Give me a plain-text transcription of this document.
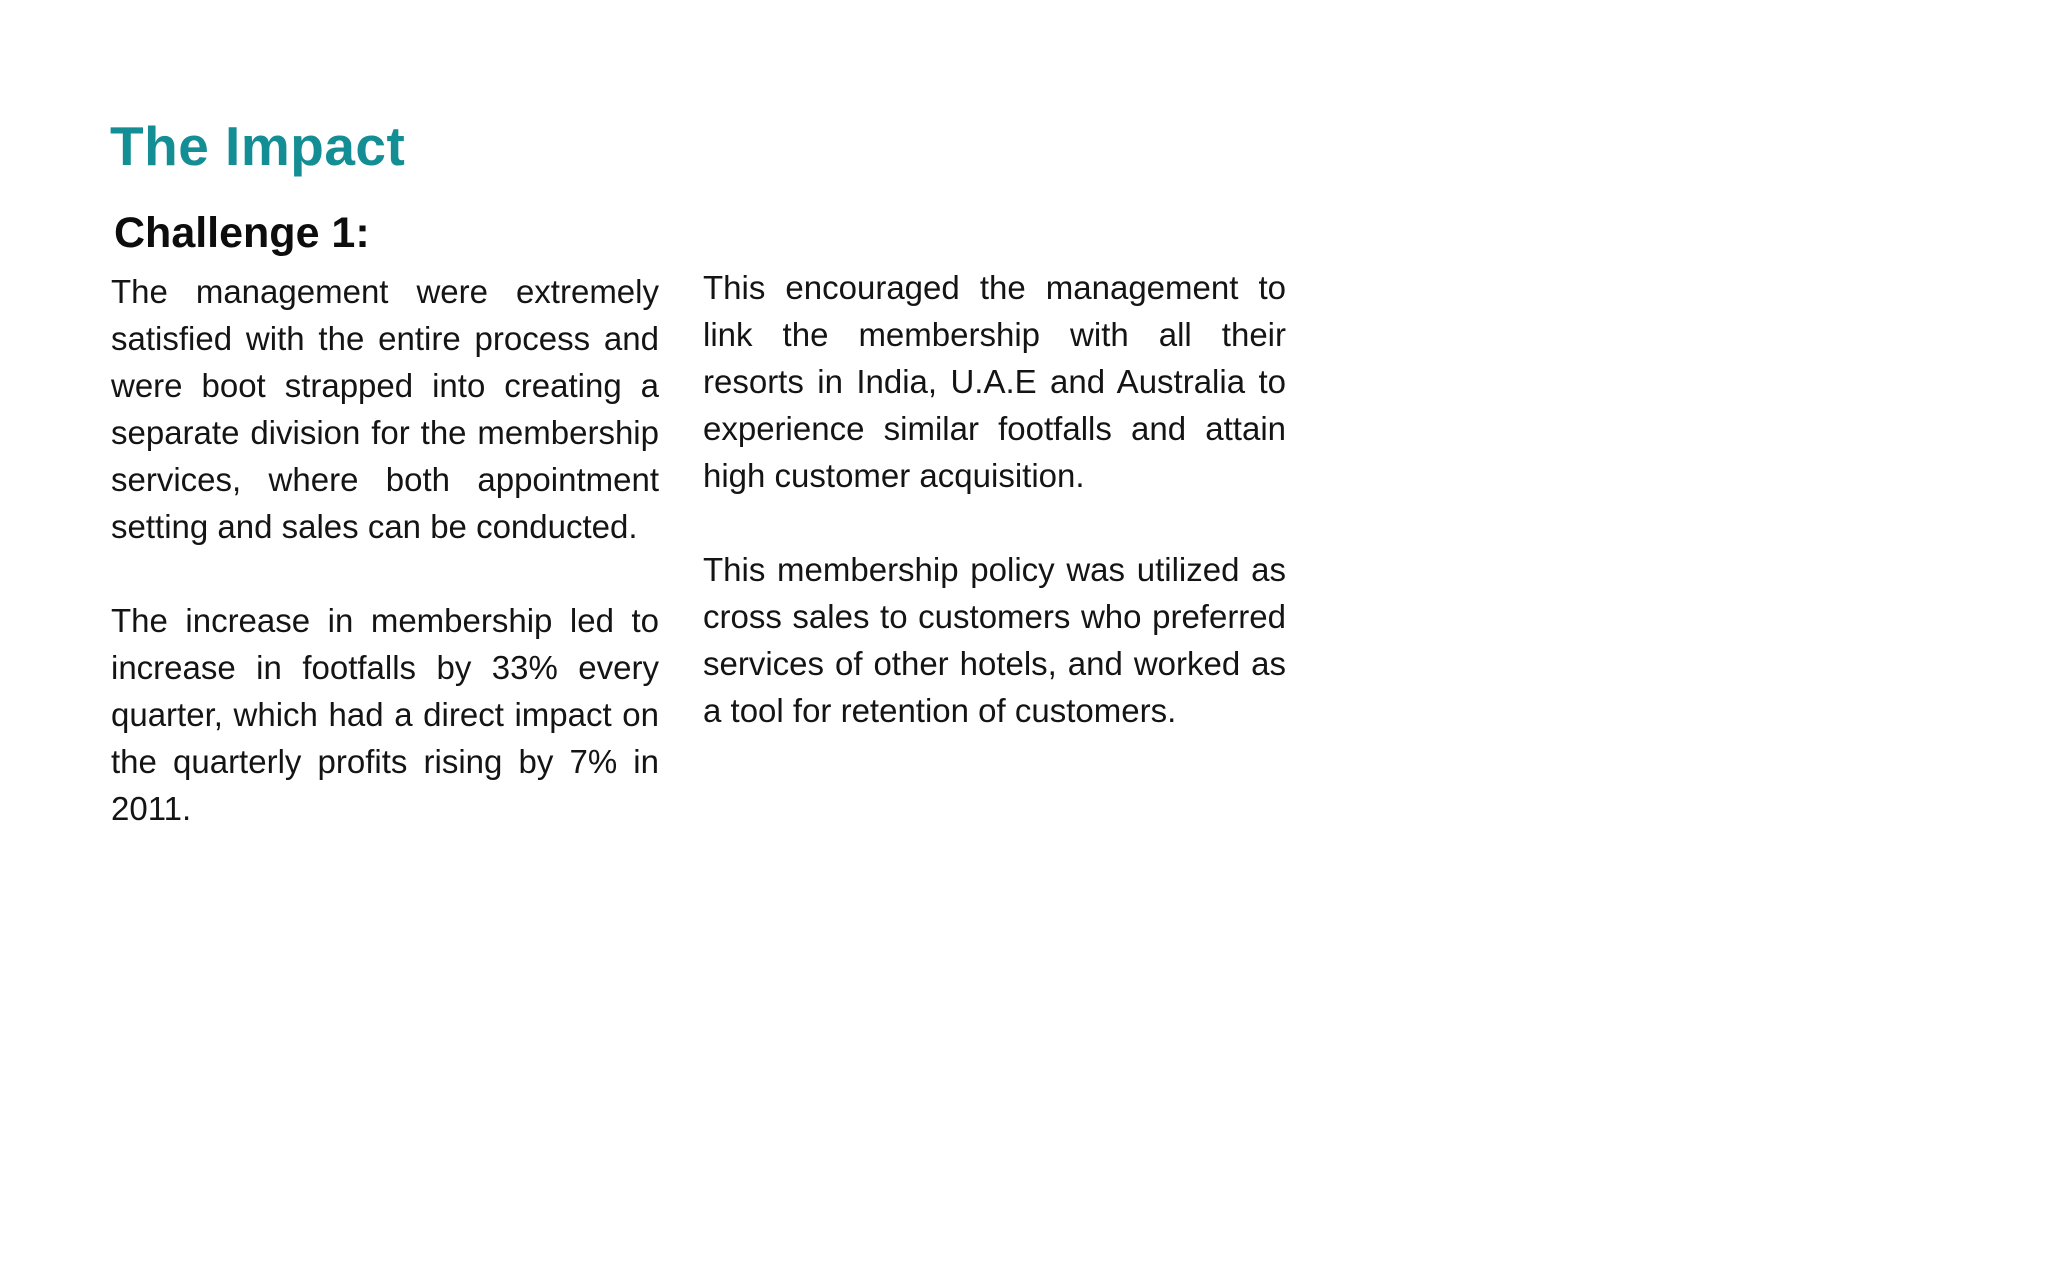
The Impact
Challenge 1:

The management were extremely satisfied with the entire process and were boot strapped into creating a separate division for the membership services, where both appointment setting and sales can be conducted.

The increase in membership led to increase in footfalls by 33% every quarter, which had a direct impact on the quarterly profits rising by 7% in 2011.

This encouraged the management to link the membership with all their resorts in India, U.A.E and Australia to experience similar footfalls and attain high customer acquisition.

This membership policy was utilized as cross sales to customers who preferred services of other hotels, and worked as a tool for retention of customers.
